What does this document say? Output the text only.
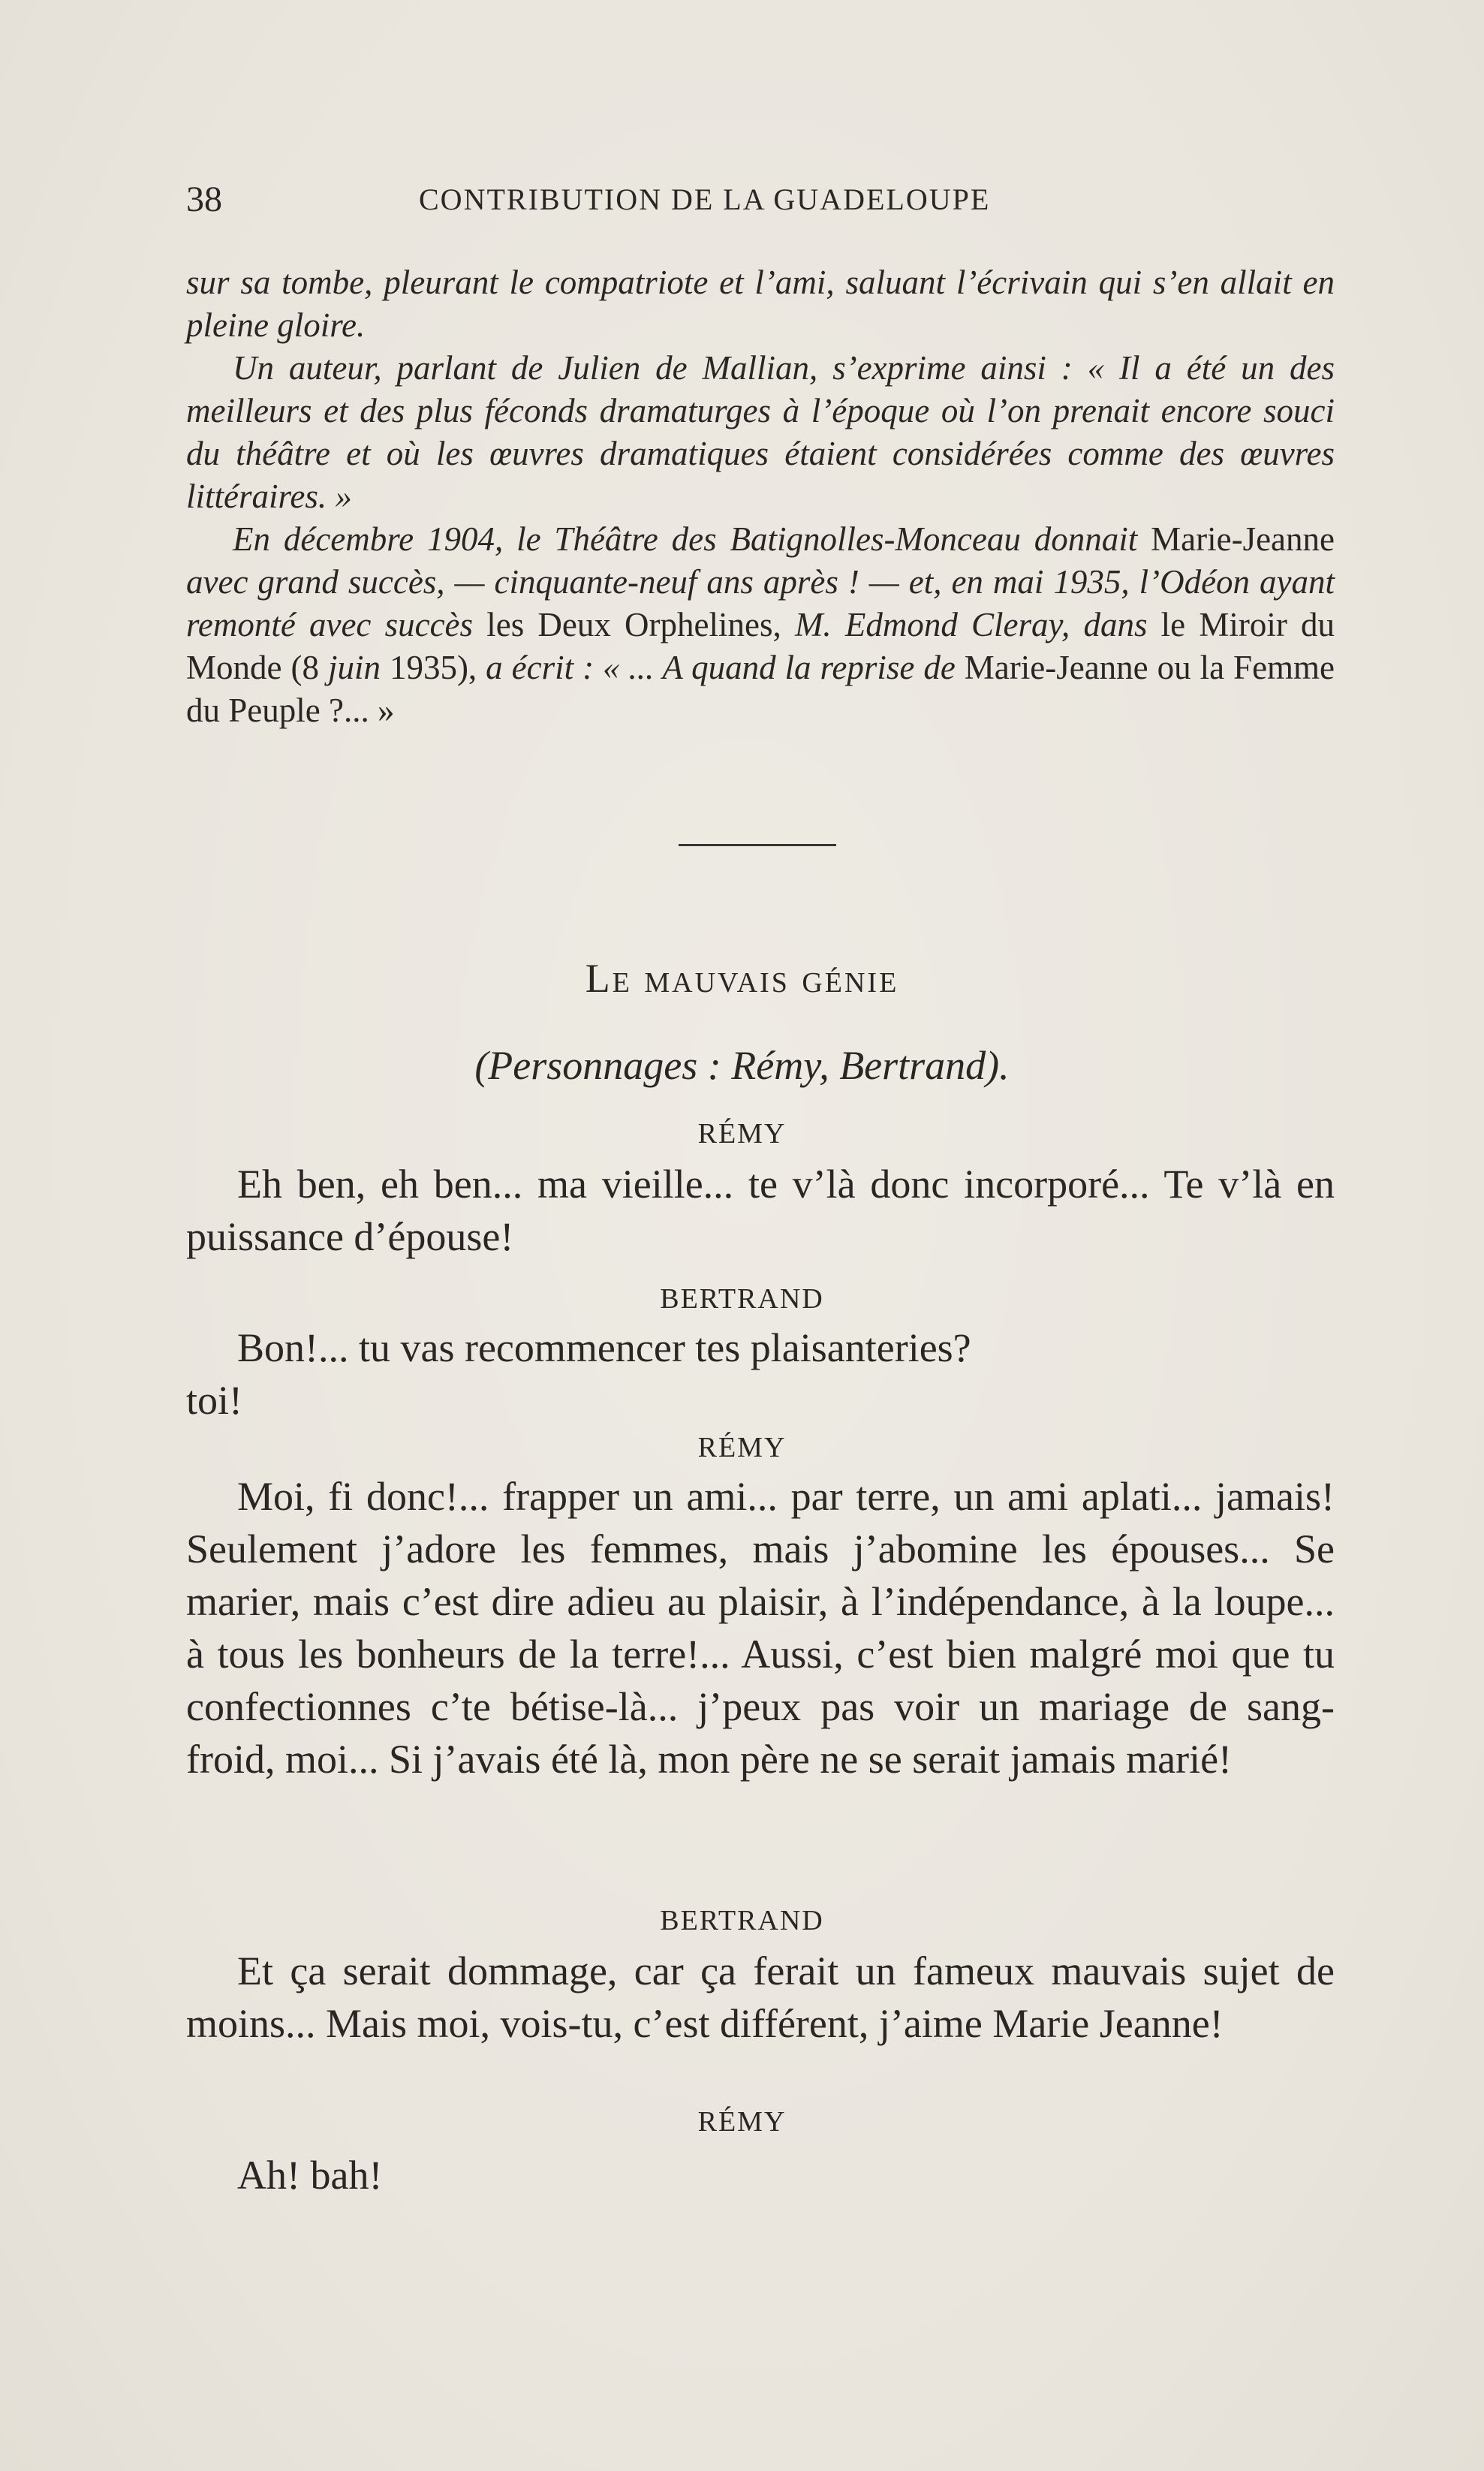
38	CONTRIBUTION DE LA GUADELOUPE

sur sa tombe, pleurant le compatriote et l’ami, saluant l’écrivain qui s’en allait en pleine gloire.

Un auteur, parlant de Julien de Mallian, s’exprime ainsi : « Il a été un des meilleurs et des plus féconds dramaturges à l’époque où l’on prenait encore souci du théâtre et où les œuvres dramatiques étaient considérées comme des œuvres littéraires. »

En décembre 1904, le Théâtre des Batignolles-Monceau donnait Marie-Jeanne avec grand succès, — cinquante-neuf ans après ! — et, en mai 1935, l’Odéon ayant remonté avec succès les Deux Orphelines, M. Edmond Cleray, dans le Miroir du Monde (8 juin 1935), a écrit : « ... A quand la reprise de Marie-Jeanne ou la Femme du Peuple ?... »

Le mauvais génie
(Personnages : Rémy, Bertrand).
RÉMY

Eh ben, eh ben... ma vieille... te v’là donc incorporé... Te v’là en puissance d’épouse!

BERTRAND

Bon!... tu vas recommencer tes plaisanteries?

toi!

RÉMY

Moi, fi donc!... frapper un ami... par terre, un ami aplati... jamais! Seulement j’adore les femmes, mais j’abomine les épouses... Se marier, mais c’est dire adieu au plaisir, à l’indépendance, à la loupe... à tous les bonheurs de la terre!... Aussi, c’est bien malgré moi que tu confectionnes c’te bétise-là... j’peux pas voir un mariage de sang-froid, moi... Si j’avais été là, mon père ne se serait jamais marié!

BERTRAND

Et ça serait dommage, car ça ferait un fameux mauvais sujet de moins... Mais moi, vois-tu, c’est différent, j’aime Marie Jeanne!

RÉMY

Ah! bah!
